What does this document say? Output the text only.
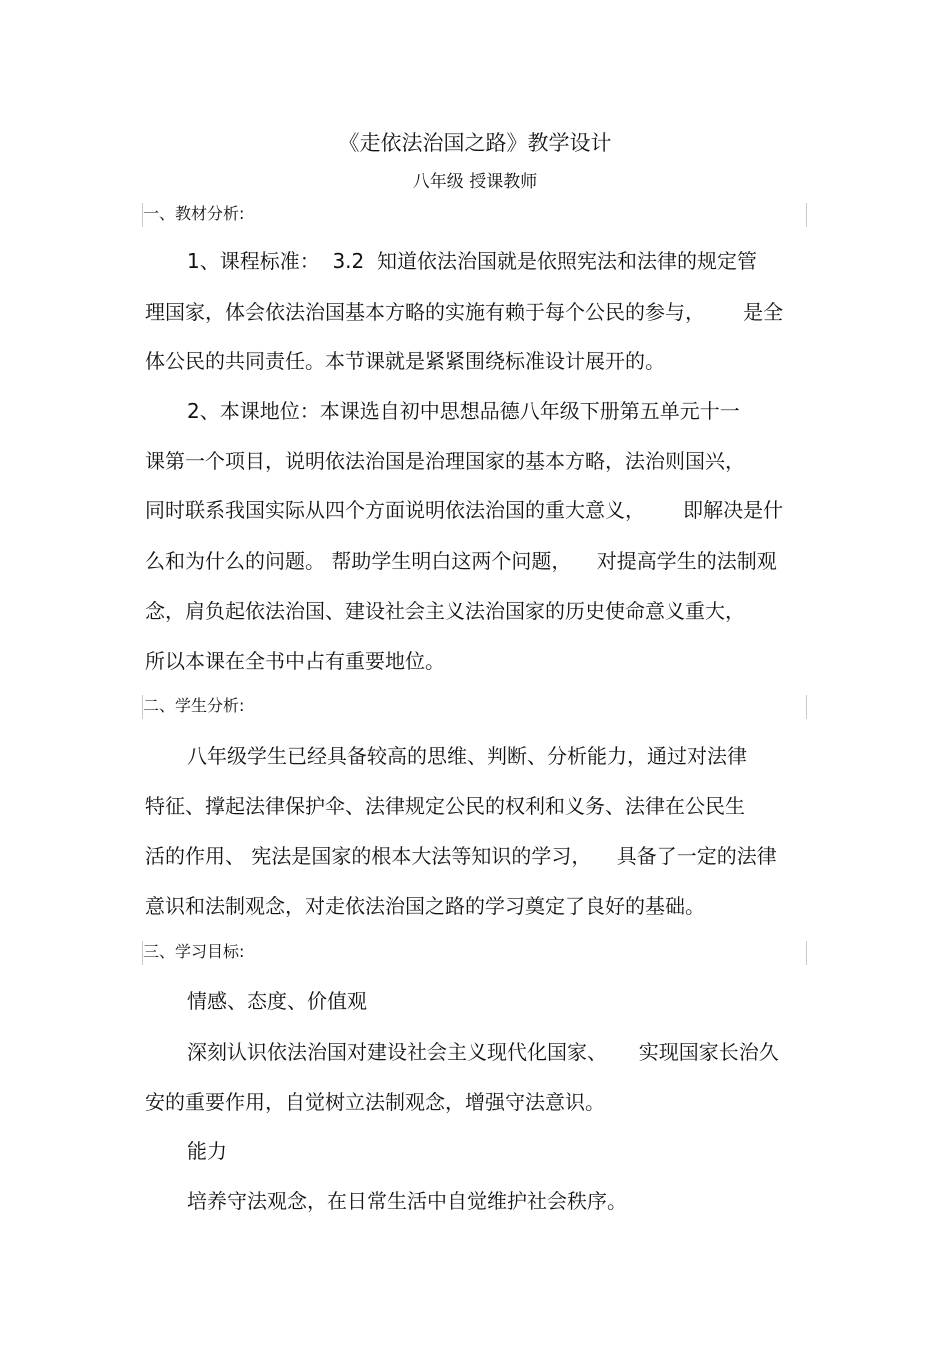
《走依法治国之路》教学设计
八年级 授课教师
一、教材分析:
1、课程标准：  3.2  知道依法治国就是依照宪法和法律的规定管
理国家，体会依法治国基本方略的实施有赖于每个公民的参与，      是全
体公民的共同责任。本节课就是紧紧围绕标准设计展开的。
2、本课地位：本课选自初中思想品德八年级下册第五单元十一
课第一个项目，说明依法治国是治理国家的基本方略，法治则国兴，
同时联系我国实际从四个方面说明依法治国的重大意义，      即解决是什
么和为什么的问题。 帮助学生明白这两个问题，    对提高学生的法制观
念，肩负起依法治国、建设社会主义法治国家的历史使命意义重大，
所以本课在全书中占有重要地位。
二、学生分析:
八年级学生已经具备较高的思维、判断、分析能力，通过对法律
特征、撑起法律保护伞、法律规定公民的权利和义务、法律在公民生
活的作用、 宪法是国家的根本大法等知识的学习，    具备了一定的法律
意识和法制观念，对走依法治国之路的学习奠定了良好的基础。
三、学习目标:
情感、态度、价值观
深刻认识依法治国对建设社会主义现代化国家、     实现国家长治久
安的重要作用，自觉树立法制观念，增强守法意识。
能力
培养守法观念，在日常生活中自觉维护社会秩序。
